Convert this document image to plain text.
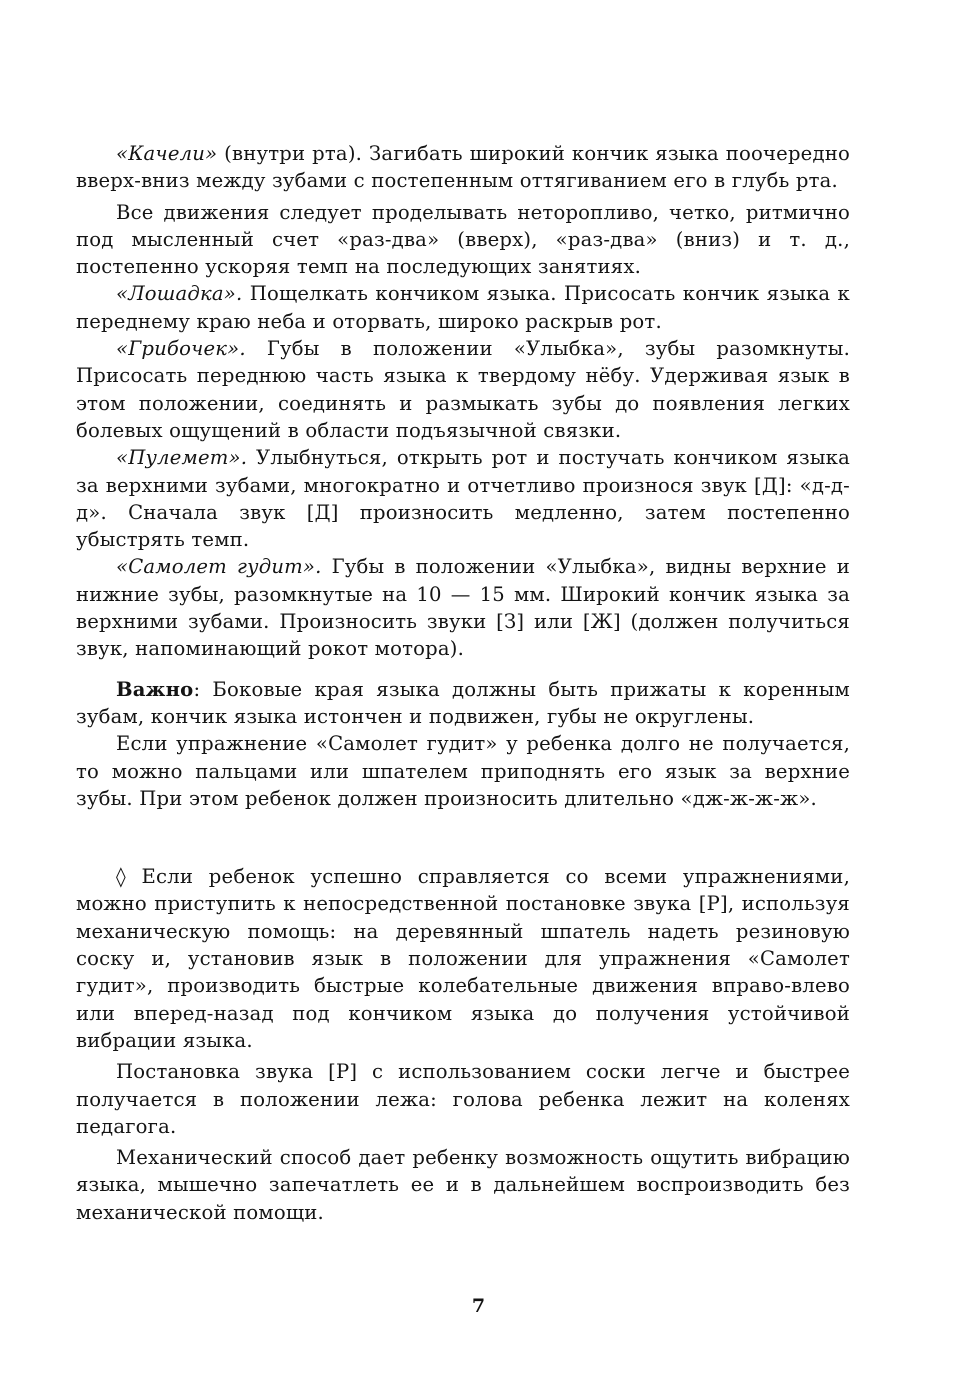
«Качели» (внутри рта). Загибать широкий кончик языка поочередно вверх-вниз между зубами с постепенным оттягиванием его в глубь рта.

Все движения следует проделывать неторопливо, четко, ритмично под мысленный счет «раз-два» (вверх), «раз-два» (вниз) и т. д., постепенно ускоряя темп на последующих занятиях.

«Лошадка». Пощелкать кончиком языка. Присосать кончик языка к переднему краю неба и оторвать, широко раскрыв рот.

«Грибочек». Губы в положении «Улыбка», зубы разомкнуты. Присосать переднюю часть языка к твердому нёбу. Удерживая язык в этом положении, соединять и размыкать зубы до появления легких болевых ощущений в области подъязычной связки.

«Пулемет». Улыбнуться, открыть рот и постучать кончиком языка за верхними зубами, многократно и отчетливо произнося звук [Д]: «д-д-д». Сначала звук [Д] произносить медленно, затем постепенно убыстрять темп.

«Самолет гудит». Губы в положении «Улыбка», видны верхние и нижние зубы, разомкнутые на 10 — 15 мм. Широкий кончик языка за верхними зубами. Произносить звуки [З] или [Ж] (должен получиться звук, напоминающий рокот мотора).

Важно: Боковые края языка должны быть прижаты к коренным зубам, кончик языка истончен и подвижен, губы не округлены.

Если упражнение «Самолет гудит» у ребенка долго не получается, то можно пальцами или шпателем приподнять его язык за верхние зубы. При этом ребенок должен произносить длительно «дж-ж-ж-ж».

◊ Если ребенок успешно справляется со всеми упражнениями, можно приступить к непосредственной постановке звука [Р], используя механическую помощь: на деревянный шпатель надеть резиновую соску и, установив язык в положении для упражнения «Самолет гудит», производить быстрые колебательные движения вправо-влево или вперед-назад под кончиком языка до получения устойчивой вибрации языка.

Постановка звука [Р] с использованием соски легче и быстрее получается в положении лежа: голова ребенка лежит на коленях педагога.

Механический способ дает ребенку возможность ощутить вибрацию языка, мышечно запечатлеть ее и в дальнейшем воспроизводить без механической помощи.

7
